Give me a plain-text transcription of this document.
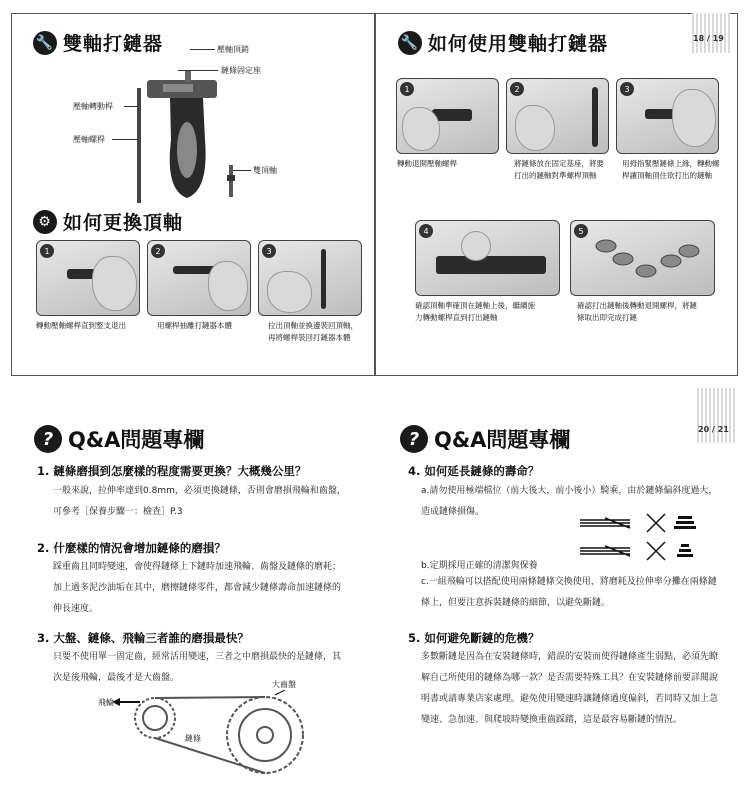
🔧 雙軸打鏈器	壓軸頂銷
鏈條固定座
壓軸轉動桿
壓軸螺桿
雙頂軸
⚙ 如何更換頂軸
1	2	3
轉動壓軸螺桿直到整支退出	用螺桿抽離打鏈器本體	拉出頂軸並換邊裝回頂軸，再將螺桿裝回打鏈器本體
18 / 19
🔧 如何使用雙軸打鏈器
1	2	3
轉動退開壓軸螺桿	將鏈條放在固定基座，將要打出的鏈軸對準螺桿頂軸
用拇指緊壓鏈條上緣，轉動螺桿讓頂軸頂住欲打出的鏈軸
4	5
確認頂軸準確頂在鏈軸上後，繼續施力轉動螺桿直到打出鏈軸
確認打出鏈軸後轉動退開螺桿，將鏈條取出即完成打鏈
? Q&A問題專欄
1. 鏈條磨損到怎麼樣的程度需要更換？大概幾公里？
一般來說，拉伸率達到0.8mm，必須更換鏈條，否則會磨損飛輪和齒盤，可參考［保養步驟一：檢查］P.3
2. 什麼樣的情況會增加鏈條的磨損？
踩重齒且同時變速，會使得鏈條上下鏈時加速飛輪、齒盤及鏈條的磨耗；加上過多泥沙油垢在其中，磨擦鏈條零件，都會減少鏈條壽命加速鏈條的伸長速度。
3. 大盤、鏈條、飛輪三者誰的磨損最快？
只要不使用單一固定齒，經常活用變速，三者之中磨損最快的是鏈條，其次是後飛輪，最後才是大齒盤。
大齒盤
飛輪
鏈條
20 / 21
? Q&A問題專欄
4. 如何延長鏈條的壽命？
a.請勿使用極端檔位（前大後大，前小後小）騎乘，由於鏈條偏斜度過大，造成鏈條損傷。
b.定期採用正確的清潔與保養
c.一組飛輪可以搭配使用兩條鏈條交換使用，將磨耗及拉伸率分攤在兩條鏈條上，但要注意拆裝鏈條的細節，以避免斷鏈。
5. 如何避免斷鏈的危機？
多數斷鏈是因為在安裝鏈條時，錯誤的安裝而使得鏈條產生弱點，必須先瞭解自己所使用的鏈條為哪一款？是否需要特殊工具？在安裝鏈條前要詳閱說明書或請專業店家處理。避免使用變速時讓鏈條過度偏斜，若同時又加上急變速、急加速、與爬坡時變換重齒踩踏，這是最容易斷鏈的情況。
